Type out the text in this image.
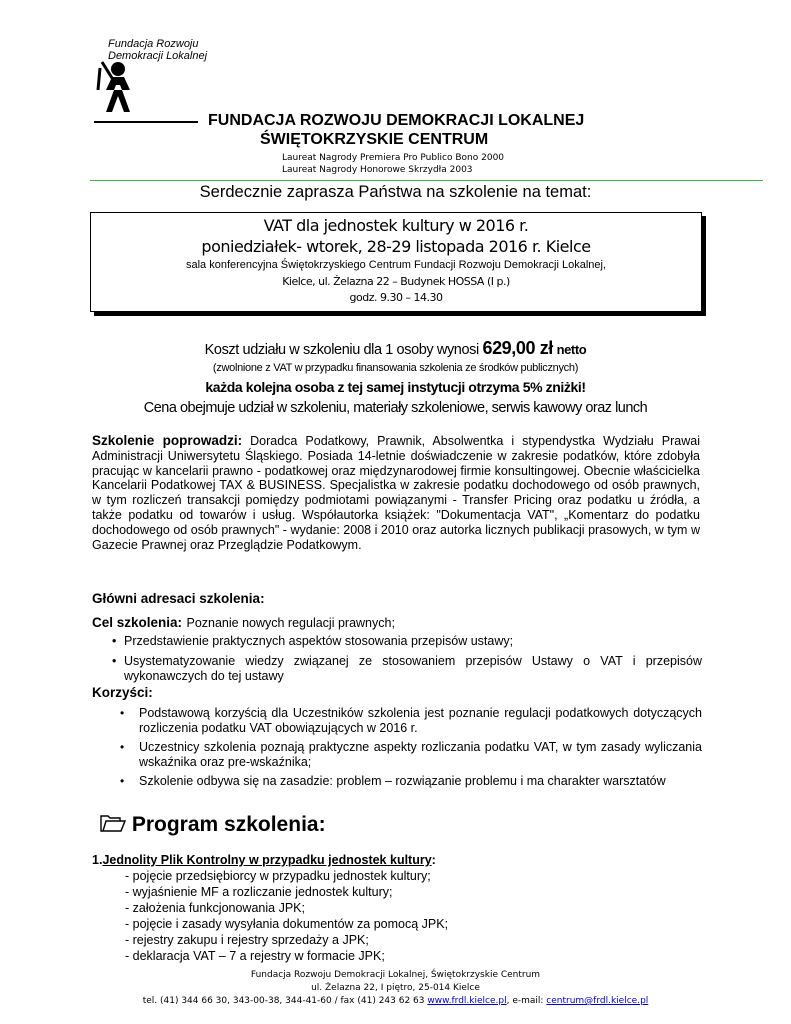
Fundacja Rozwoju
Demokracji Lokalnej
FUNDACJA ROZWOJU DEMOKRACJI LOKALNEJ
ŚWIĘTOKRZYSKIE CENTRUM
Laureat Nagrody Premiera Pro Publico Bono 2000
Laureat Nagrody Honorowe Skrzydła 2003
Serdecznie zaprasza Państwa na szkolenie na temat:
VAT dla jednostek kultury w 2016 r.
poniedziałek- wtorek, 28-29 listopada 2016 r. Kielce
sala konferencyjna Świętokrzyskiego Centrum Fundacji Rozwoju Demokracji Lokalnej,
Kielce, ul. Żelazna 22 – Budynek HOSSA (I p.)
godz. 9.30 – 14.30
Koszt udziału w szkoleniu dla 1 osoby wynosi 629,00 zł netto
(zwolnione z VAT w przypadku finansowania szkolenia ze środków publicznych)
każda kolejna osoba z tej samej instytucji otrzyma 5% zniżki!
Cena obejmuje udział w szkoleniu, materiały szkoleniowe, serwis kawowy oraz lunch
Szkolenie poprowadzi: Doradca Podatkowy, Prawnik, Absolwentka i stypendystka Wydziału Prawai Administracji Uniwersytetu Śląskiego. Posiada 14-letnie doświadczenie w zakresie podatków, które zdobyła pracując w kancelarii prawno - podatkowej oraz międzynarodowej firmie konsultingowej. Obecnie właścicielka Kancelarii Podatkowej TAX & BUSINESS. Specjalistka w zakresie podatku dochodowego od osób prawnych, w tym rozliczeń transakcji pomiędzy podmiotami powiązanymi - Transfer Pricing oraz podatku u źródła, a także podatku od towarów i usług. Współautorka książek: "Dokumentacja VAT", „Komentarz do podatku dochodowego od osób prawnych" - wydanie: 2008 i 2010 oraz autorka licznych publikacji prasowych, w tym w Gazecie Prawnej oraz Przeglądzie Podatkowym.
Główni adresaci szkolenia:
Cel szkolenia: Poznanie nowych regulacji prawnych;
• Przedstawienie praktycznych aspektów stosowania przepisów ustawy;
• Usystematyzowanie wiedzy związanej ze stosowaniem przepisów Ustawy o VAT i przepisów wykonawczych do tej ustawy
Korzyści:
•	Podstawową korzyścią dla Uczestników szkolenia jest poznanie regulacji podatkowych dotyczących rozliczenia podatku VAT obowiązujących w 2016 r.
•	Uczestnicy szkolenia poznają praktyczne aspekty rozliczania podatku VAT, w tym zasady wyliczania wskaźnika oraz pre-wskaźnika;
•	Szkolenie odbywa się na zasadzie: problem – rozwiązanie problemu i ma charakter warsztatów
Program szkolenia:
1.Jednolity Plik Kontrolny w przypadku jednostek kultury:
- pojęcie przedsiębiorcy w przypadku jednostek kultury;
- wyjaśnienie MF a rozliczanie jednostek kultury;
- założenia funkcjonowania JPK;
- pojęcie i zasady wysyłania dokumentów za pomocą JPK;
- rejestry zakupu i rejestry sprzedaży a JPK;
- deklaracja VAT – 7 a rejestry w formacie JPK;
Fundacja Rozwoju Demokracji Lokalnej, Świętokrzyskie Centrum
ul. Żelazna 22, I piętro, 25-014 Kielce
tel. (41) 344 66 30, 343-00-38, 344-41-60 / fax (41) 243 62 63 www.frdl.kielce.pl, e-mail: centrum@frdl.kielce.pl
